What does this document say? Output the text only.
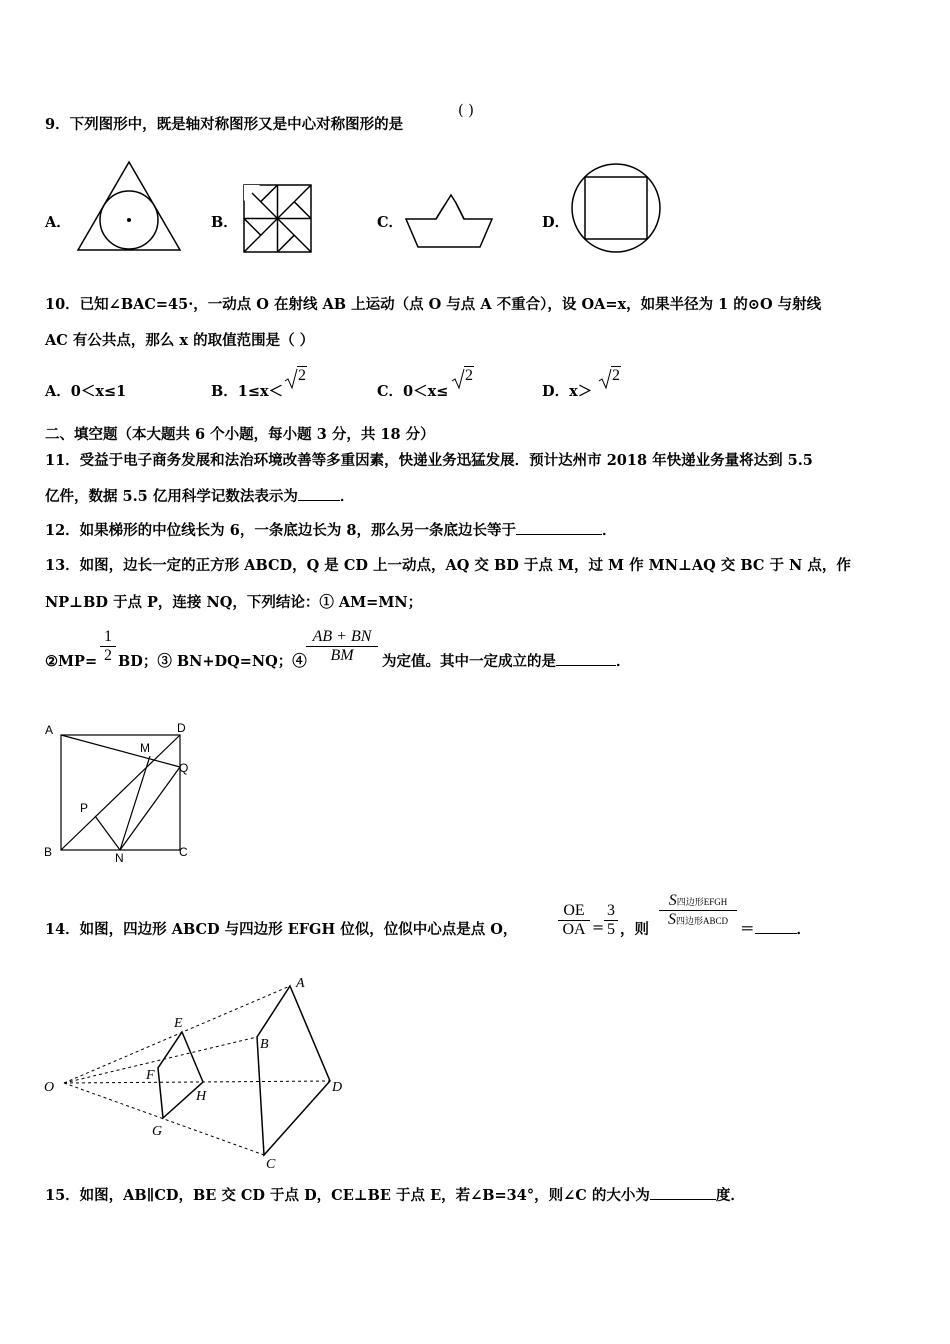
9．下列图形中，既是轴对称图形又是中心对称图形的是
( )
A．	B．	C．	D．
10．已知∠BAC=45·，一动点 O 在射线 AB 上运动（点 O 与点 A 不重合），设 OA=x，如果半径为 1 的⊙O 与射线
AC 有公共点，那么 x 的取值范围是（ ）
A．0＜x≤1	B．1≤x＜
2
C．0＜x≤
2
D．x＞
2
二、填空题（本大题共 6 个小题，每小题 3 分，共 18 分）
11．受益于电子商务发展和法治环境改善等多重因素，快递业务迅猛发展．预计达州市 2018 年快递业务量将达到 5.5
亿件，数据 5.5 亿用科学记数法表示为	．
12．如果梯形的中位线长为 6，一条底边长为 8，那么另一条底边长等于	．
13．如图，边长一定的正方形 ABCD，Q 是 CD 上一动点，AQ 交 BD 于点 M，过 M 作 MN⊥AQ 交 BC 于 N 点，作
NP⊥BD 于点 P，连接 NQ，下列结论：① AM=MN；
②MP=
1
2 BD；③ BN+DQ=NQ；④
AB + BN
BM	为定值。其中一定成立的是	．
A	D
M
Q
P
B	N	C
14．如图，四边形 ABCD 与四边形 EFGH 位似，位似中心点是点 O，
OE
OA =
3
5 ，则
S四边形EFGH
S四边形ABCD ＝	．
O
A
B
D
C
E
F
H
G
15．如图，AB∥CD，BE 交 CD 于点 D，CE⊥BE 于点 E，若∠B=34°，则∠C 的大小为	度．
